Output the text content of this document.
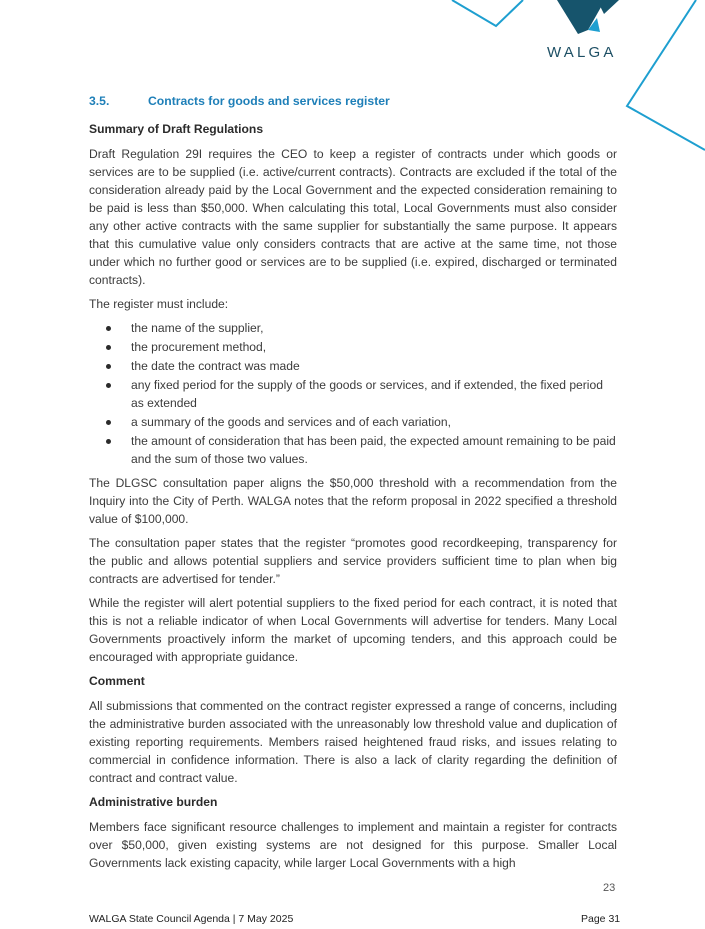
WALGA
3.5.	Contracts for goods and services register
Summary of Draft Regulations

Draft Regulation 29I requires the CEO to keep a register of contracts under which goods or services are to be supplied (i.e. active/current contracts). Contracts are excluded if the total of the consideration already paid by the Local Government and the expected consideration remaining to be paid is less than $50,000. When calculating this total, Local Governments must also consider any other active contracts with the same supplier for substantially the same purpose. It appears that this cumulative value only considers contracts that are active at the same time, not those under which no further good or services are to be supplied (i.e. expired, discharged or terminated contracts).

The register must include:

the name of the supplier,
the procurement method,
the date the contract was made
any fixed period for the supply of the goods or services, and if extended, the fixed period as extended
a summary of the goods and services and of each variation,
the amount of consideration that has been paid, the expected amount remaining to be paid and the sum of those two values.

The DLGSC consultation paper aligns the $50,000 threshold with a recommendation from the Inquiry into the City of Perth. WALGA notes that the reform proposal in 2022 specified a threshold value of $100,000.

The consultation paper states that the register “promotes good recordkeeping, transparency for the public and allows potential suppliers and service providers sufficient time to plan when big contracts are advertised for tender.”

While the register will alert potential suppliers to the fixed period for each contract, it is noted that this is not a reliable indicator of when Local Governments will advertise for tenders. Many Local Governments proactively inform the market of upcoming tenders, and this approach could be encouraged with appropriate guidance.

Comment

All submissions that commented on the contract register expressed a range of concerns, including the administrative burden associated with the unreasonably low threshold value and duplication of existing reporting requirements. Members raised heightened fraud risks, and issues relating to commercial in confidence information. There is also a lack of clarity regarding the definition of contract and contract value.

Administrative burden

Members face significant resource challenges to implement and maintain a register for contracts over $50,000, given existing systems are not designed for this purpose. Smaller Local Governments lack existing capacity, while larger Local Governments with a high

23
WALGA State Council Agenda | 7 May 2025	Page 31
